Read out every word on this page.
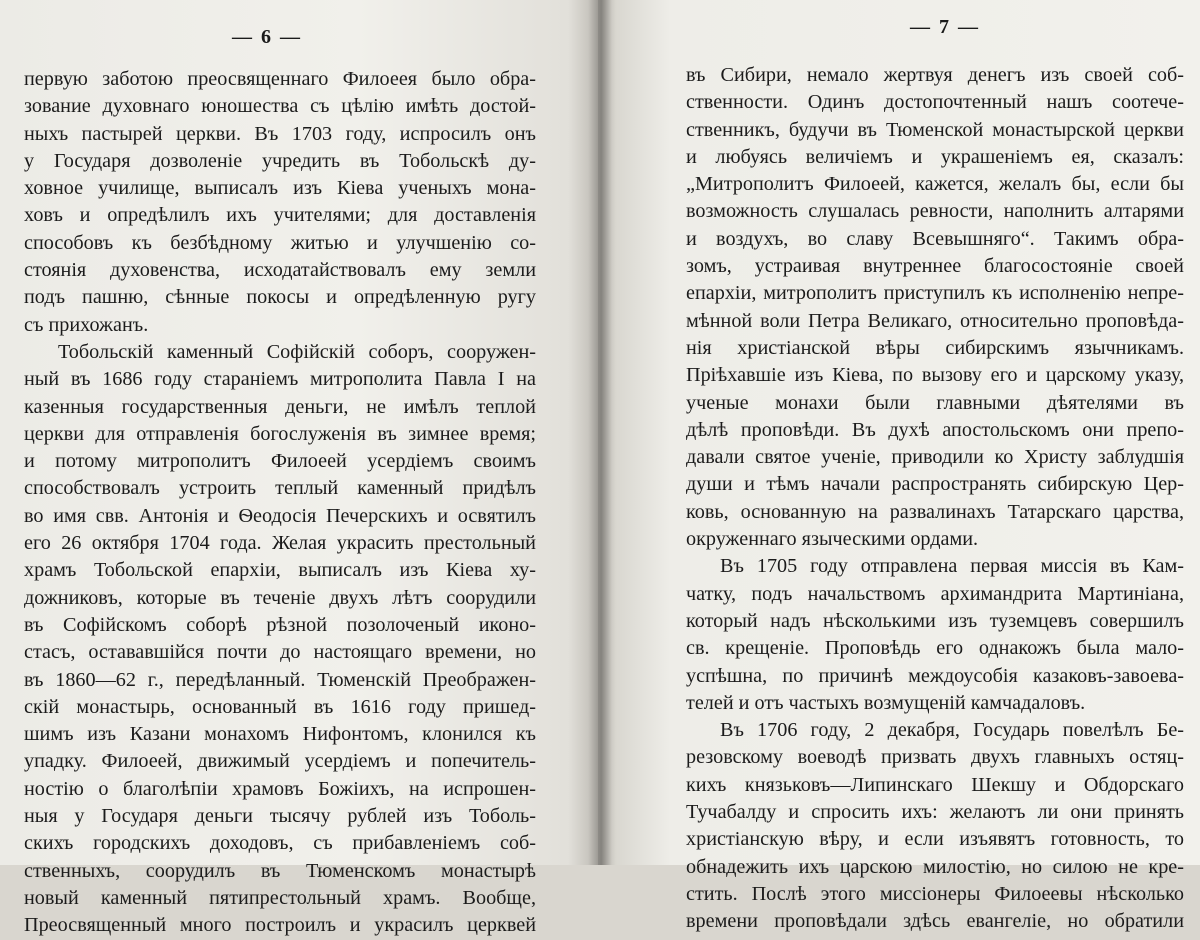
— 6 —
первую заботою преосвященнаго Филоеея было обра-
зование духовнаго юношества съ цѣлію имѣть достой-
ныхъ пастырей церкви. Въ 1703 году, испросилъ онъ
у Государя дозволеніе учредить въ Тобольскѣ ду-
ховное училище, выписалъ изъ Кіева ученыхъ мона-
ховъ и опредѣлилъ ихъ учителями; для доставленія
способовъ къ безбѣдному житью и улучшенію со-
стоянія духовенства, исходатайствовалъ ему земли
подъ пашню, сѣнные покосы и опредѣленную ругу
съ прихожанъ.
Тобольскій каменный Софійскій соборъ, сооружен-
ный въ 1686 году стараніемъ митрополита Павла I на
казенныя государственныя деньги, не имѣлъ теплой
церкви для отправленія богослуженія въ зимнее время;
и потому митрополитъ Филоеей усердіемъ своимъ
способствовалъ устроить теплый каменный придѣлъ
во имя свв. Антонія и Ѳеодосія Печерскихъ и освятилъ
его 26 октября 1704 года. Желая украсить престольный
храмъ Тобольской епархіи, выписалъ изъ Кіева ху-
дожниковъ, которые въ теченіе двухъ лѣтъ соорудили
въ Софійскомъ соборѣ рѣзной позолоченый иконо-
стасъ, остававшійся почти до настоящаго времени, но
въ 1860—62 г., передѣланный. Тюменскій Преображен-
скій монастырь, основанный въ 1616 году пришед-
шимъ изъ Казани монахомъ Нифонтомъ, клонился къ
упадку. Филоеей, движимый усердіемъ и попечитель-
ностію о благолѣпіи храмовъ Божіихъ, на испрошен-
ныя у Государя деньги тысячу рублей изъ Тоболь-
скихъ городскихъ доходовъ, съ прибавленіемъ соб-
ственныхъ, соорудилъ въ Тюменскомъ монастырѣ
новый каменный пятипрестольный храмъ. Вообще,
Преосвященный много построилъ и украсилъ церквей
— 7 —
въ Сибири, немало жертвуя денегъ изъ своей соб-
ственности. Одинъ достопочтенный нашъ соотече-
ственникъ, будучи въ Тюменской монастырской церкви
и любуясь величіемъ и украшеніемъ ея, сказалъ:
„Митрополитъ Филоеей, кажется, желалъ бы, если бы
возможность слушалась ревности, наполнить алтарями
и воздухъ, во славу Всевышняго“. Такимъ обра-
зомъ, устраивая внутреннее благосостояніе своей
епархіи, митрополитъ приступилъ къ исполненію непре-
мѣнной воли Петра Великаго, относительно проповѣда-
нія христіанской вѣры сибирскимъ язычникамъ.
Пріѣхавшіе изъ Кіева, по вызову его и царскому указу,
ученые монахи были главными дѣятелями въ
дѣлѣ проповѣди. Въ духѣ апостольскомъ они препо-
давали святое ученіе, приводили ко Христу заблудшія
души и тѣмъ начали распространять сибирскую Цер-
ковь, основанную на развалинахъ Татарскаго царства,
окруженнаго языческими ордами.
Въ 1705 году отправлена первая миссія въ Кам-
чатку, подъ начальствомъ архимандрита Мартиніана,
который надъ нѣсколькими изъ туземцевъ совершилъ
св. крещеніе. Проповѣдь его однакожъ была мало-
успѣшна, по причинѣ междоусобія казаковъ-завоева-
телей и отъ частыхъ возмущеній камчадаловъ.
Въ 1706 году, 2 декабря, Государь повелѣлъ Бе-
резовскому воеводѣ призвать двухъ главныхъ остяц-
кихъ князьковъ—Липинскаго Шекшу и Обдорскаго
Тучабалду и спросить ихъ: желаютъ ли они принять
христіанскую вѣру, и если изъявятъ готовность, то
обнадежить ихъ царскою милостію, но силою не кре-
стить. Послѣ этого миссіонеры Филоеевы нѣсколько
времени проповѣдали здѣсь евангеліе, но обратили
